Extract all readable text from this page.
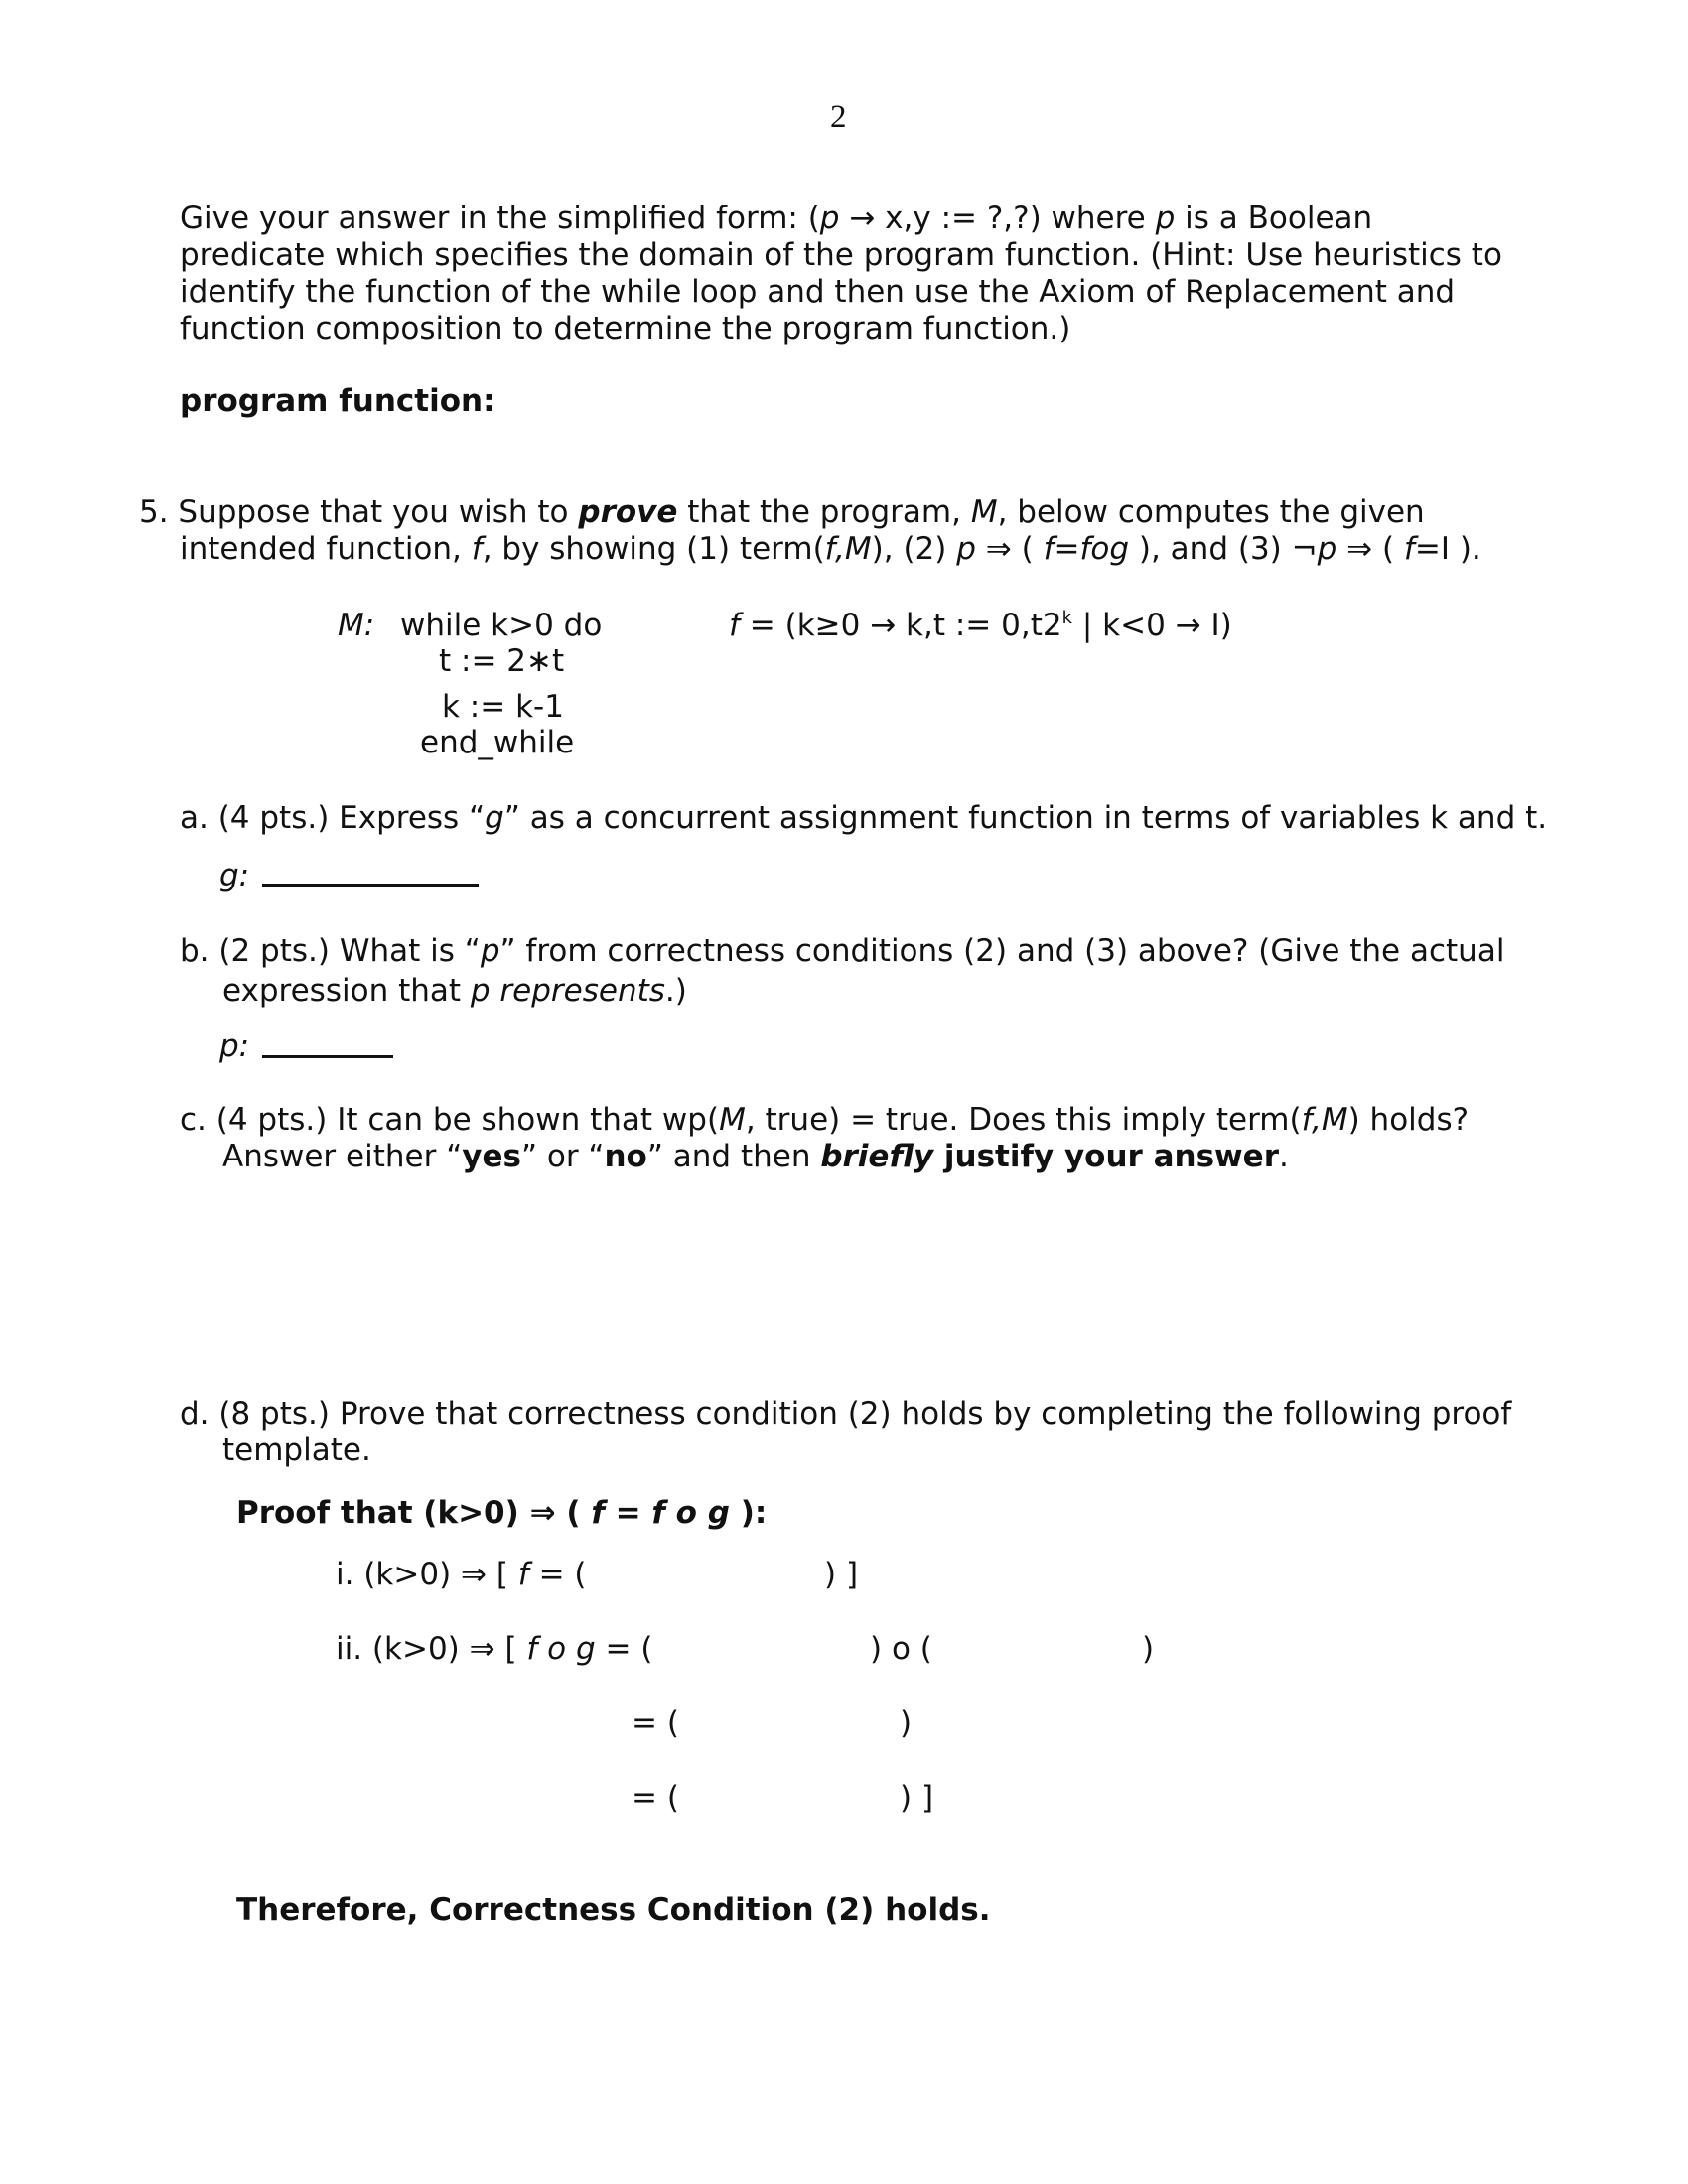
2
Give your answer in the simplified form: (p → x,y := ?,?) where p is a Boolean
predicate which specifies the domain of the program function. (Hint: Use heuristics to
identify the function of the while loop and then use the Axiom of Replacement and
function composition to determine the program function.)
program function:
5. Suppose that you wish to prove that the program, M, below computes the given
intended function, f, by showing (1) term(f,M), (2) p ⇒ ( f=fog ), and (3) ¬p ⇒ ( f=I ).
M: while k>0 do
t := 2∗t
k := k-1
end_while
f = (k≥0 → k,t := $0,t2^k$ | k<0 → I)
a. (4 pts.) Express “g” as a concurrent assignment function in terms of variables k and t.
g:
b. (2 pts.) What is “p” from correctness conditions (2) and (3) above? (Give the actual
expression that p represents.)
p:
c. (4 pts.) It can be shown that wp(M, true) = true. Does this imply term(f,M) holds?
Answer either “yes” or “no” and then briefly justify your answer.
d. (8 pts.) Prove that correctness condition (2) holds by completing the following proof
template.
Proof that (k>0) ⇒ ( f = f o g ):
i. (k>0) ⇒ [ f = (	) ]
ii. (k>0) ⇒ [ f o g = (	) o (	)
= (	)
= (	) ]
Therefore, Correctness Condition (2) holds.
